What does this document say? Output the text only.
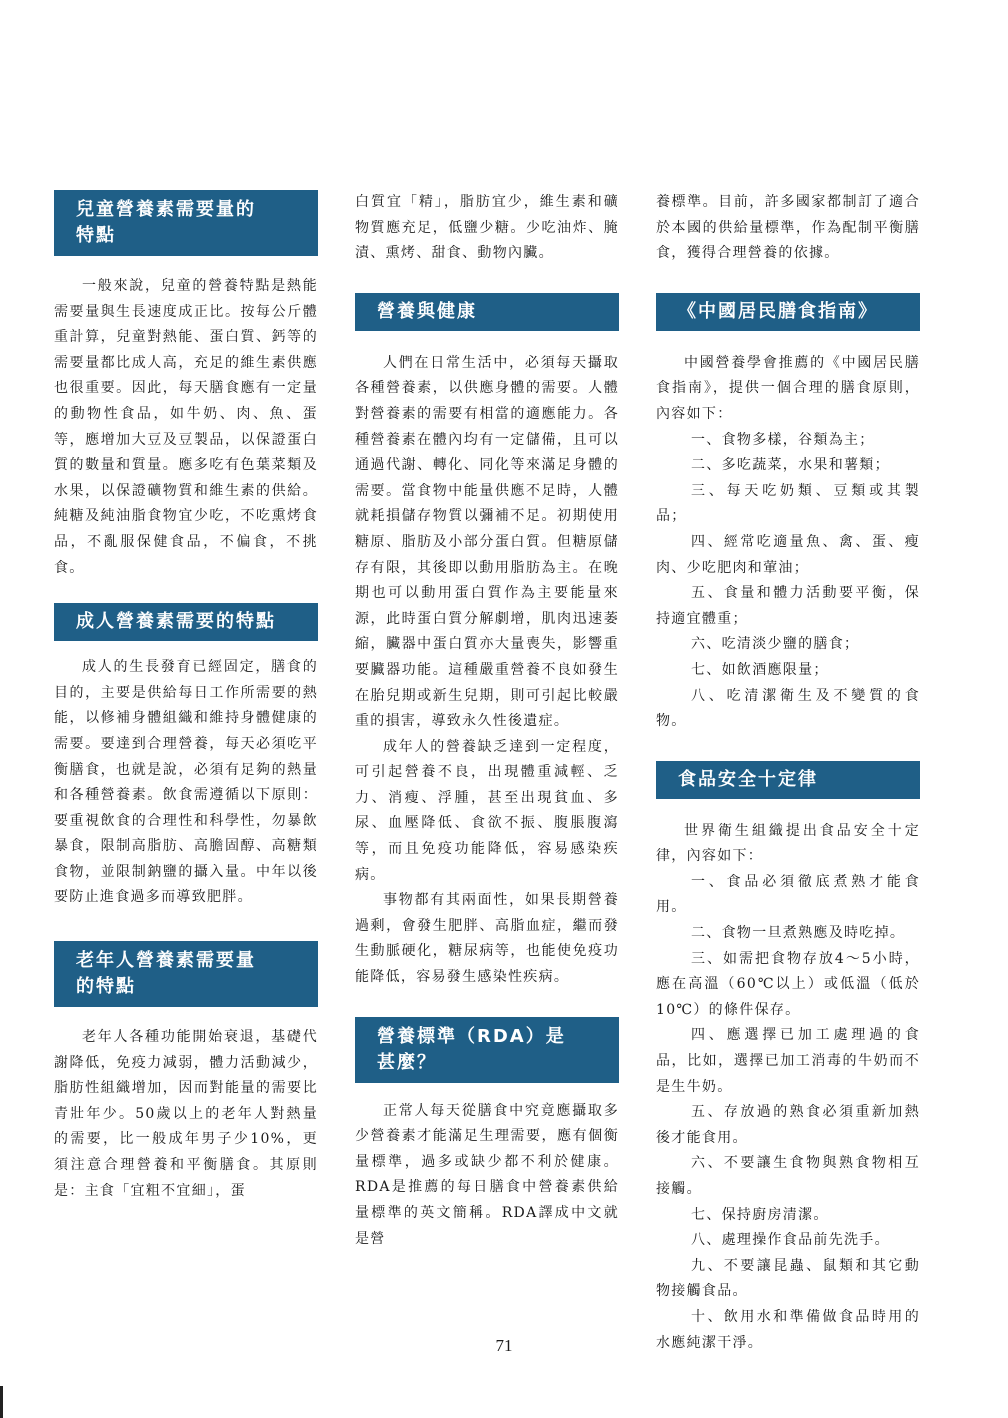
兒童營養素需要量的
特點

一般來說，兒童的營養特點是熱能需要量與生長速度成正比。按每公斤體重計算，兒童對熱能、蛋白質、鈣等的需要量都比成人高，充足的維生素供應也很重要。因此，每天膳食應有一定量的動物性食品，如牛奶、肉、魚、蛋等，應增加大豆及豆製品，以保證蛋白質的數量和質量。應多吃有色葉菜類及水果，以保證礦物質和維生素的供給。純糖及純油脂食物宜少吃，不吃熏烤食品，不亂服保健食品，不偏食，不挑食。

成人營養素需要的特點

成人的生長發育已經固定，膳食的目的，主要是供給每日工作所需要的熱能，以修補身體組織和維持身體健康的需要。要達到合理營養，每天必須吃平衡膳食，也就是說，必須有足夠的熱量和各種營養素。飲食需遵循以下原則：要重視飲食的合理性和科學性，勿暴飲暴食，限制高脂肪、高膽固醇、高糖類食物，並限制鈉鹽的攝入量。中年以後要防止進食過多而導致肥胖。

老年人營養素需要量
的特點

老年人各種功能開始衰退，基礎代謝降低，免疫力減弱，體力活動減少，脂肪性組織增加，因而對能量的需要比青壯年少。50歲以上的老年人對熱量的需要，比一般成年男子少10%，更須注意合理營養和平衡膳食。其原則是：主食「宜粗不宜細」，蛋

白質宜「精」，脂肪宜少，維生素和礦物質應充足，低鹽少糖。少吃油炸、腌漬、熏烤、甜食、動物內臟。

營養與健康

人們在日常生活中，必須每天攝取各種營養素，以供應身體的需要。人體對營養素的需要有相當的適應能力。各種營養素在體內均有一定儲備，且可以通過代謝、轉化、同化等來滿足身體的需要。當食物中能量供應不足時，人體就耗損儲存物質以彌補不足。初期使用糖原、脂肪及小部分蛋白質。但糖原儲存有限，其後即以動用脂肪為主。在晚期也可以動用蛋白質作為主要能量來源，此時蛋白質分解劇增，肌肉迅速萎縮，臟器中蛋白質亦大量喪失，影響重要臟器功能。這種嚴重營養不良如發生在胎兒期或新生兒期，則可引起比較嚴重的損害，導致永久性後遺症。

成年人的營養缺乏達到一定程度，可引起營養不良，出現體重減輕、乏力、消瘦、浮腫，甚至出現貧血、多尿、血壓降低、食欲不振、腹脹腹瀉等，而且免疫功能降低，容易感染疾病。

事物都有其兩面性，如果長期營養過剩，會發生肥胖、高脂血症，繼而發生動脈硬化，糖尿病等，也能使免疫功能降低，容易發生感染性疾病。

營養標準（RDA）是
甚麼？

正常人每天從膳食中究竟應攝取多少營養素才能滿足生理需要，應有個衡量標準，過多或缺少都不利於健康。RDA是推薦的每日膳食中營養素供給量標準的英文簡稱。RDA譯成中文就是營

養標準。目前，許多國家都制訂了適合於本國的供給量標準，作為配制平衡膳食，獲得合理營養的依據。

《中國居民膳食指南》

中國營養學會推薦的《中國居民膳食指南》，提供一個合理的膳食原則，內容如下：

一、食物多樣，谷類為主；

二、多吃蔬菜，水果和薯類；

三、每天吃奶類、豆類或其製品；

四、經常吃適量魚、禽、蛋、瘦肉、少吃肥肉和葷油；

五、食量和體力活動要平衡，保持適宜體重；

六、吃清淡少鹽的膳食；

七、如飲酒應限量；

八、吃清潔衛生及不變質的食物。

食品安全十定律

世界衛生組織提出食品安全十定律，內容如下：

一、食品必須徹底煮熟才能食用。

二、食物一旦煮熟應及時吃掉。

三、如需把食物存放4～5小時，應在高溫（60℃以上）或低溫（低於10℃）的條件保存。

四、應選擇已加工處理過的食品，比如，選擇已加工消毒的牛奶而不是生牛奶。

五、存放過的熟食必須重新加熱後才能食用。

六、不要讓生食物與熟食物相互接觸。

七、保持廚房清潔。

八、處理操作食品前先洗手。

九、不要讓昆蟲、鼠類和其它動物接觸食品。

十、飲用水和準備做食品時用的水應純潔干淨。

71
